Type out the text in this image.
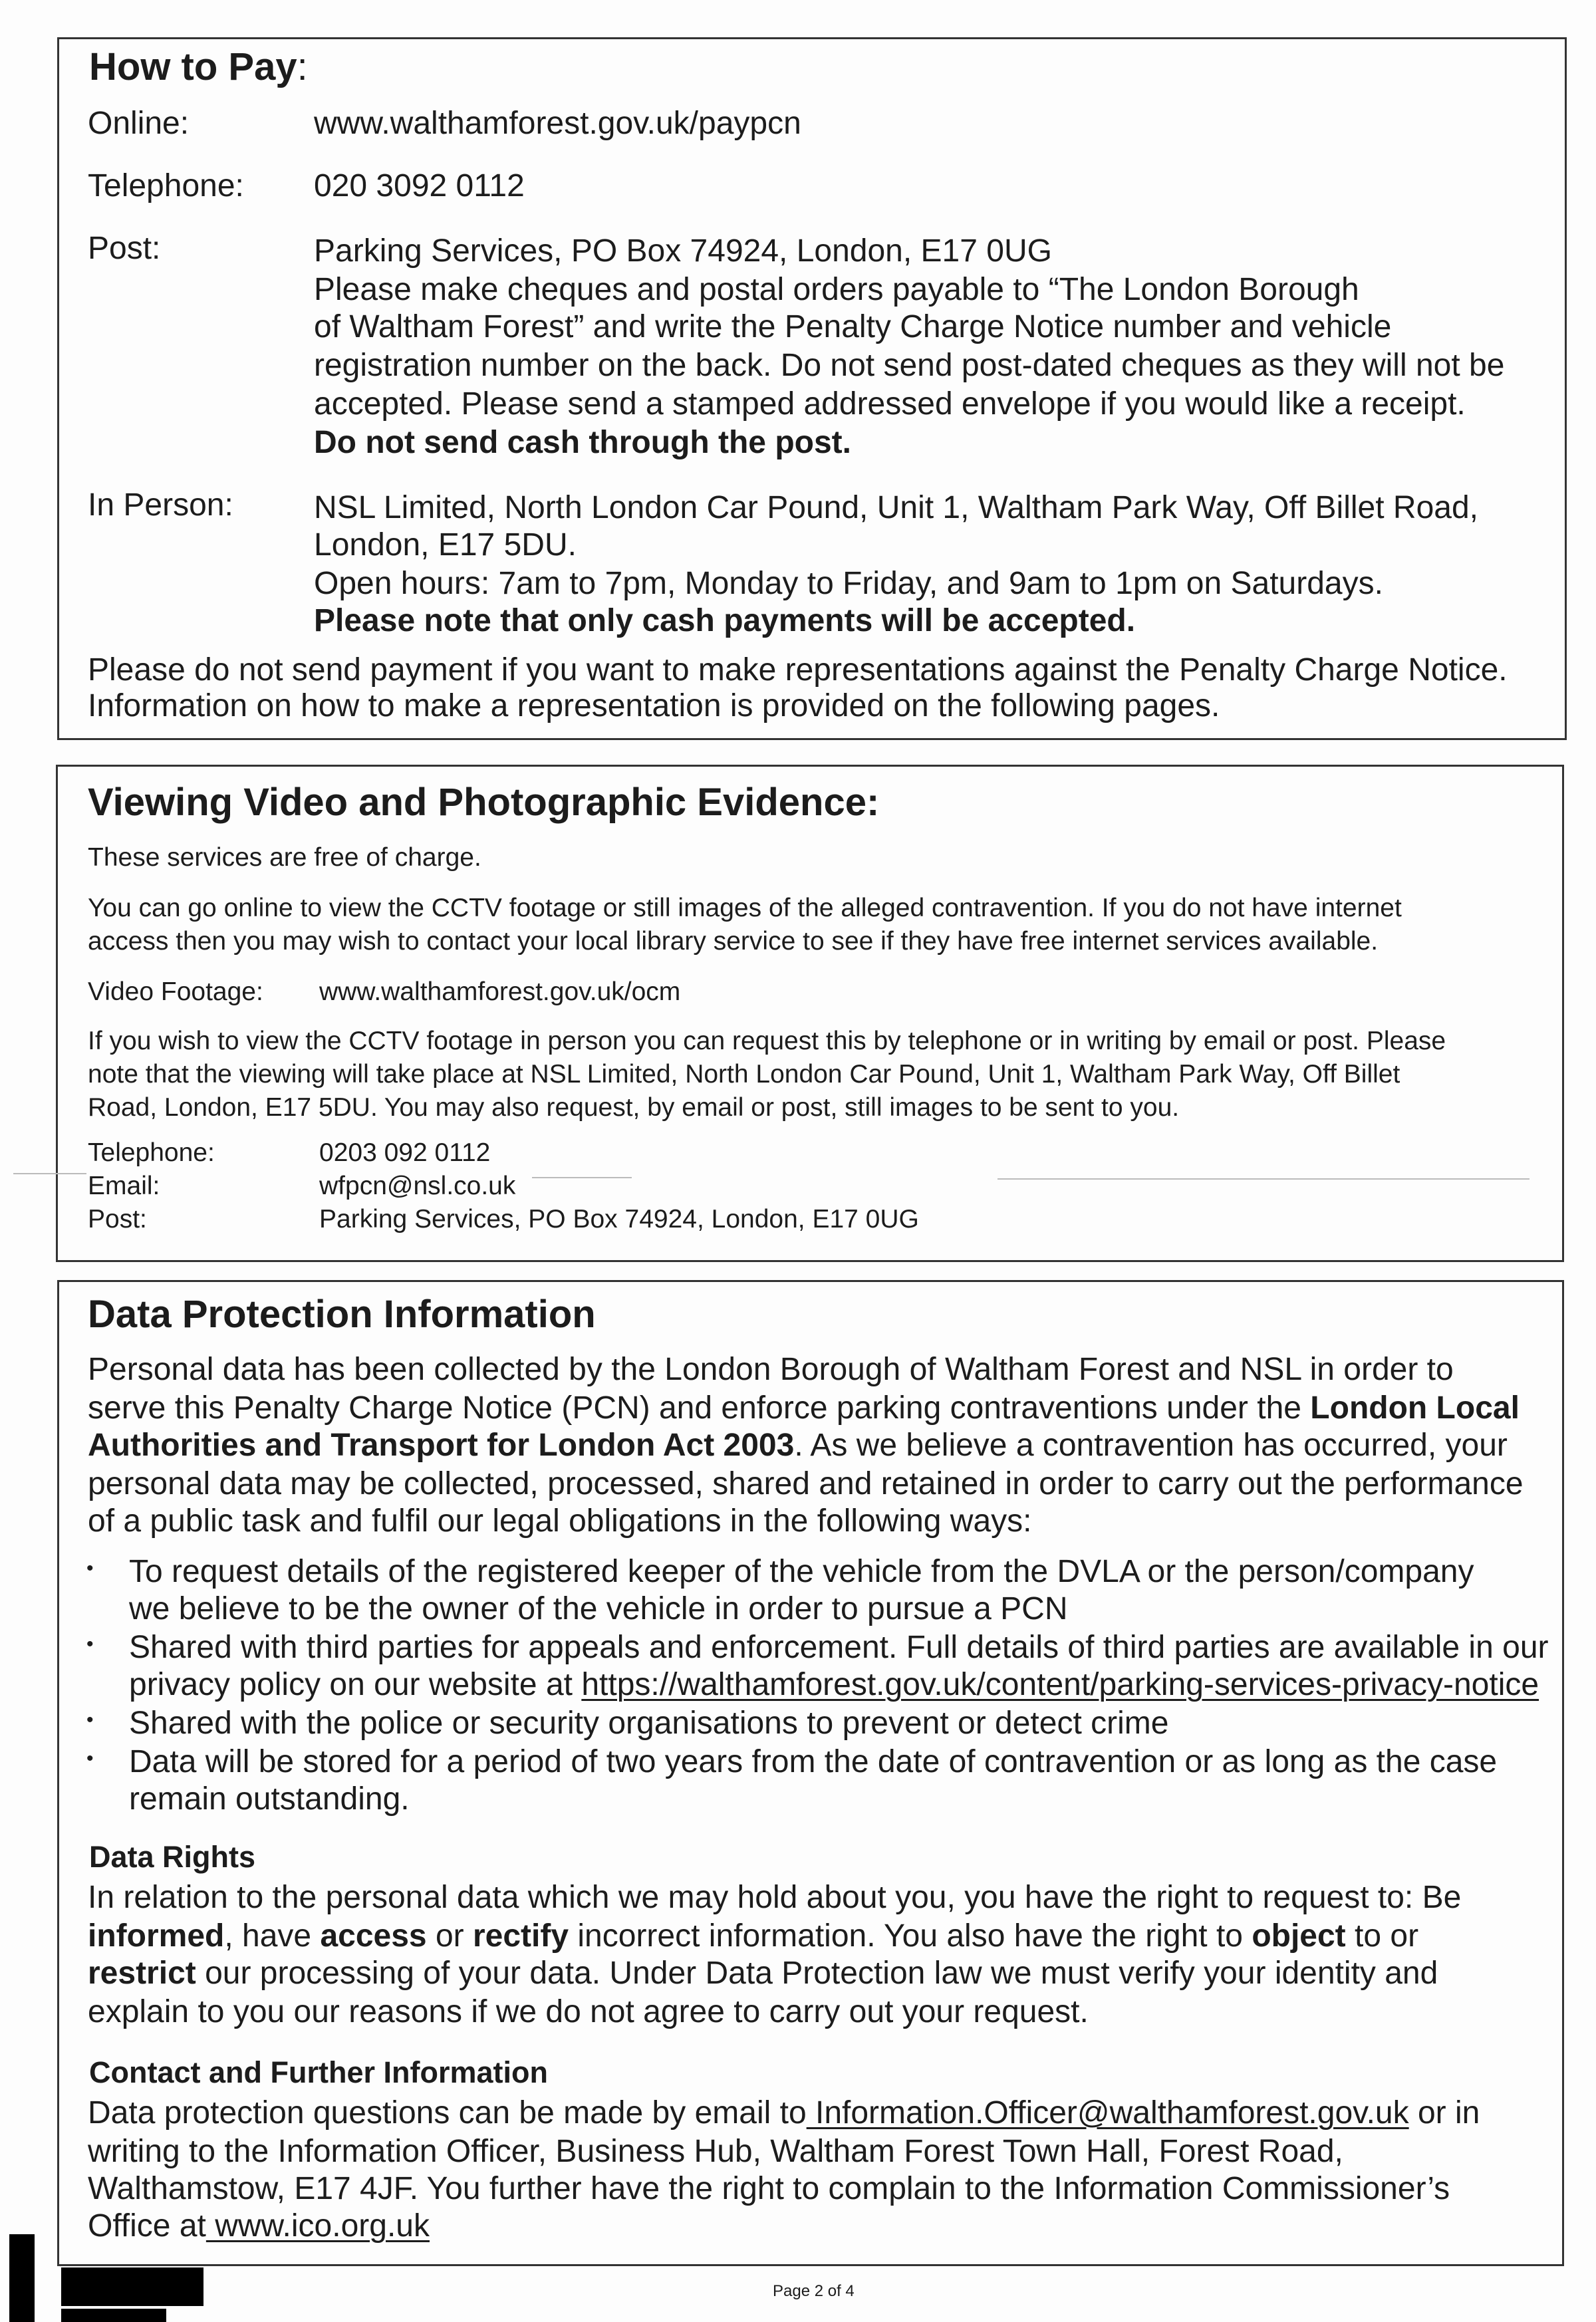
How to Pay:
Online:	www.walthamforest.gov.uk/paypcn
Telephone: 020 3092 0112
Post:	Parking Services, PO Box 74924, London, E17 0UG
Please make cheques and postal orders payable to “The London Borough
of Waltham Forest” and write the Penalty Charge Notice number and vehicle
registration number on the back. Do not send post-dated cheques as they will not be
accepted. Please send a stamped addressed envelope if you would like a receipt.
Do not send cash through the post.
In Person:	NSL Limited, North London Car Pound, Unit 1, Waltham Park Way, Off Billet Road,
London, E17 5DU.
Open hours: 7am to 7pm, Monday to Friday, and 9am to 1pm on Saturdays.
Please note that only cash payments will be accepted.
Please do not send payment if you want to make representations against the Penalty Charge Notice.
Information on how to make a representation is provided on the following pages.
Viewing Video and Photographic Evidence:
These services are free of charge.
You can go online to view the CCTV footage or still images of the alleged contravention. If you do not have internet
access then you may wish to contact your local library service to see if they have free internet services available.
Video Footage: www.walthamforest.gov.uk/ocm
If you wish to view the CCTV footage in person you can request this by telephone or in writing by email or post. Please
note that the viewing will take place at NSL Limited, North London Car Pound, Unit 1, Waltham Park Way, Off Billet
Road, London, E17 5DU. You may also request, by email or post, still images to be sent to you.
Telephone:	0203 092 0112
Email:	wfpcn@nsl.co.uk
Post:	Parking Services, PO Box 74924, London, E17 0UG
Data Protection Information
Personal data has been collected by the London Borough of Waltham Forest and NSL in order to
serve this Penalty Charge Notice (PCN) and enforce parking contraventions under the London Local
Authorities and Transport for London Act 2003. As we believe a contravention has occurred, your
personal data may be collected, processed, shared and retained in order to carry out the performance
of a public task and fulfil our legal obligations in the following ways:
• To request details of the registered keeper of the vehicle from the DVLA or the person/company
we believe to be the owner of the vehicle in order to pursue a PCN
• Shared with third parties for appeals and enforcement. Full details of third parties are available in our
privacy policy on our website at https://walthamforest.gov.uk/content/parking-services-privacy-notice
• Shared with the police or security organisations to prevent or detect crime
• Data will be stored for a period of two years from the date of contravention or as long as the case
remain outstanding.
Data Rights
In relation to the personal data which we may hold about you, you have the right to request to: Be
informed, have access or rectify incorrect information. You also have the right to object to or
restrict our processing of your data. Under Data Protection law we must verify your identity and
explain to you our reasons if we do not agree to carry out your request.
Contact and Further Information
Data protection questions can be made by email to Information.Officer@walthamforest.gov.uk or in
writing to the Information Officer, Business Hub, Waltham Forest Town Hall, Forest Road,
Walthamstow, E17 4JF. You further have the right to complain to the Information Commissioner’s
Office at www.ico.org.uk
Page 2 of 4
